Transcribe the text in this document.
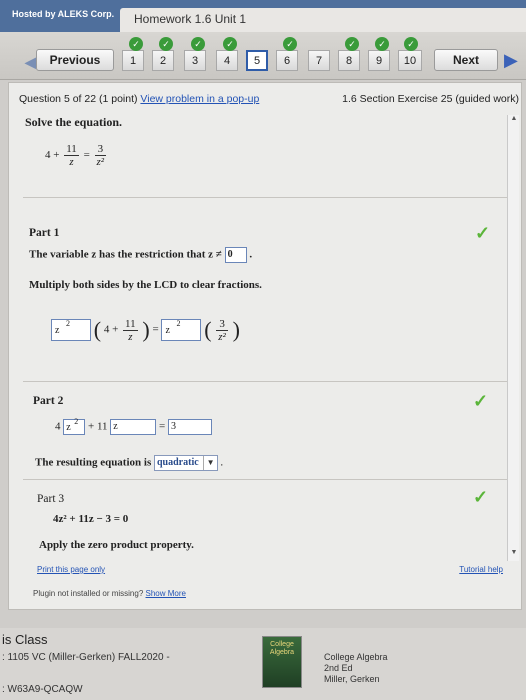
Hosted by ALEKS Corp.	Homework 1.6 Unit 1
◀ Previous	1
✓
2
✓
3
✓
4
✓
5	6
✓
7	8
✓
9
✓
10
✓
Next	▶
Question 5 of 22 (1 point) View problem in a pop-up	1.6 Section Exercise 25 (guided work)
Solve the equation.
$4 + \frac{11}{z} = \frac{3}{\text{z²}}$
Part 1	✓
The variable z has the restriction that z ≠ 0 .
Multiply both sides by the LCD to clear fractions.
z
2 ( $4 + \frac{11}{z}$ ) = z
2 ( $\frac{3}{\text{z²}}$ )
Part 2	✓
4 z
2 + 11 z	= 3
The resulting equation is quadratic ▼ .
Part 3	✓
4z² + 11z − 3 = 0
Apply the zero product property.
▲
▼
Print this page only	Tutorial help
Plugin not installed or missing? Show More
is Class
: 1105 VC (Miller-Gerken) FALL2020 -
: W63A9-QCAQW
College Algebra	College Algebra
2nd Ed
Miller, Gerken
